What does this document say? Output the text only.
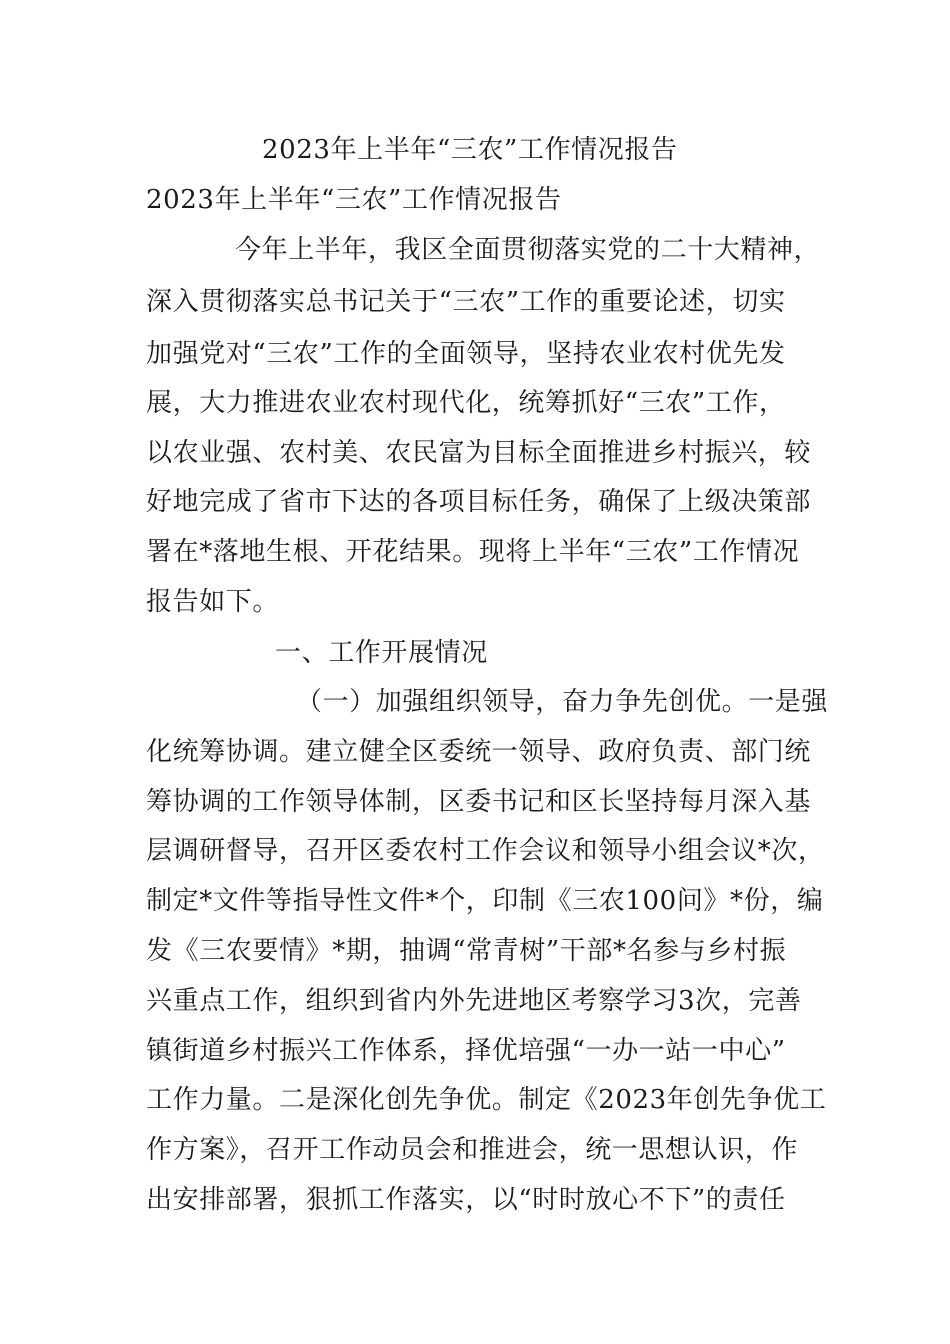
2023年上半年“三农”工作情况报告
2023年上半年“三农”工作情况报告
今年上半年，我区全面贯彻落实党的二十大精神，
深入贯彻落实总书记关于“三农”工作的重要论述，切实
加强党对“三农”工作的全面领导，坚持农业农村优先发
展，大力推进农业农村现代化，统筹抓好“三农”工作，
以农业强、农村美、农民富为目标全面推进乡村振兴，较
好地完成了省市下达的各项目标任务，确保了上级决策部
署在*落地生根、开花结果。现将上半年“三农”工作情况
报告如下。
一、工作开展情况
（一）加强组织领导，奋力争先创优。一是强
化统筹协调。建立健全区委统一领导、政府负责、部门统
筹协调的工作领导体制，区委书记和区长坚持每月深入基
层调研督导，召开区委农村工作会议和领导小组会议*次，
制定*文件等指导性文件*个，印制《三农100问》*份，编
发《三农要情》*期，抽调“常青树”干部*名参与乡村振
兴重点工作，组织到省内外先进地区考察学习3次，完善
镇街道乡村振兴工作体系，择优培强“一办一站一中心”
工作力量。二是深化创先争优。制定《2023年创先争优工
作方案》，召开工作动员会和推进会，统一思想认识，作
出安排部署，狠抓工作落实，以“时时放心不下”的责任
